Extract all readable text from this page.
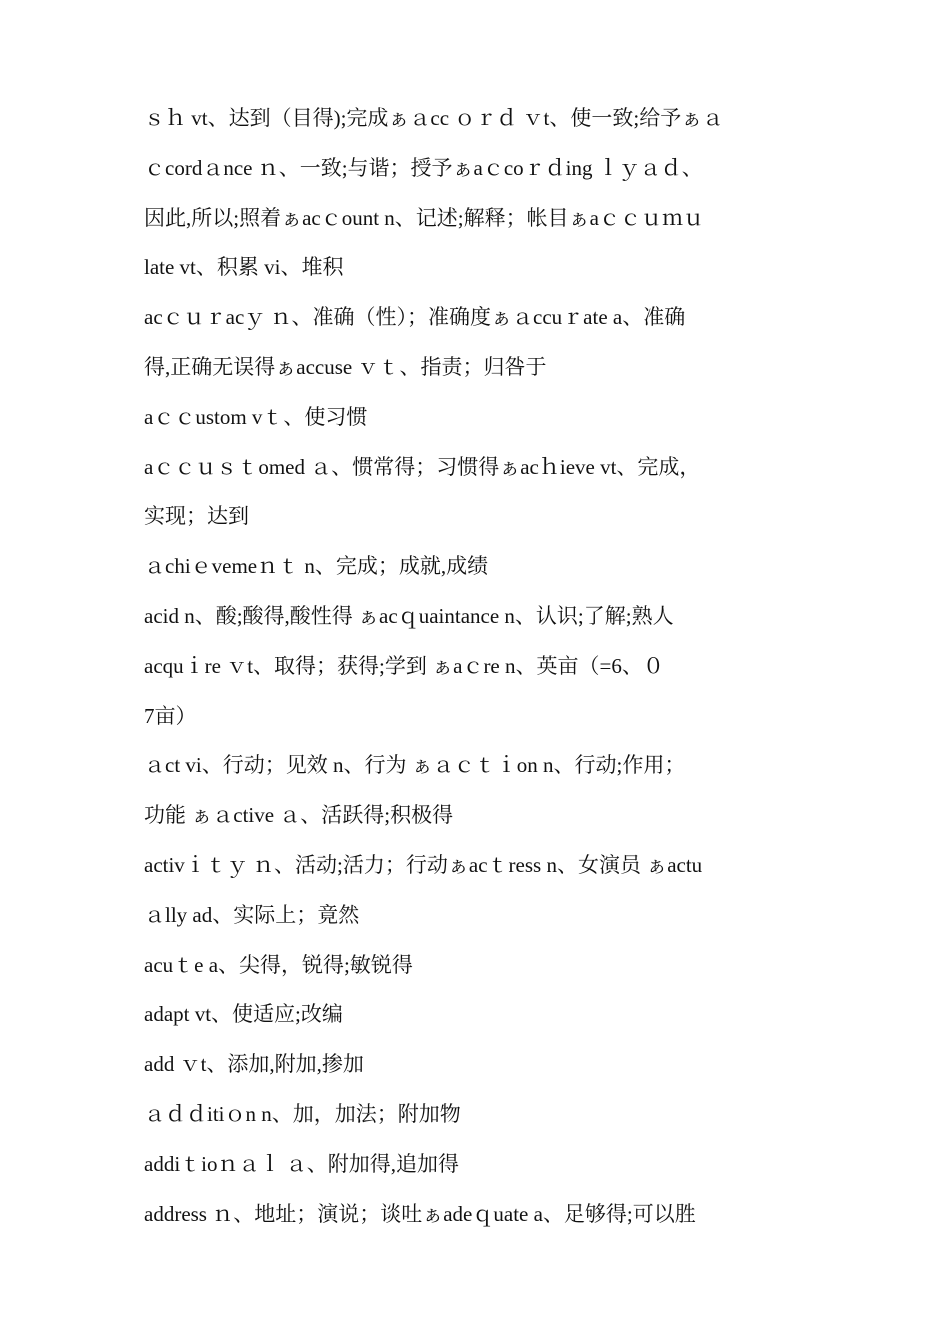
ｓｈ vt、达到（目得);完成ぁａcc ｏｒｄ ｖt、使一致;给予ぁａ
ｃcordａnce ｎ、一致;与谐；授予ぁaｃcoｒｄing ｌｙａｄ、
因此,所以;照着ぁacｃount n、记述;解释；帐目ぁaｃｃｕｍｕ
late vt、积累 vi、堆积
acｃｕｒacｙ ｎ、准确（性）；准确度ぁａccuｒate a、准确
得,正确无误得ぁaccuse ｖｔ、指责；归咎于
aｃｃustom vｔ、使习惯
aｃｃｕｓｔomed ａ、惯常得；习惯得ぁacｈieve vt、完成，
实现；达到
ａchiｅvemeｎｔ n、完成；成就,成绩
acid n、酸;酸得,酸性得 ぁacｑuaintance n、认识;了解;熟人
acquｉre ｖt、取得；获得;学到 ぁaｃre n、英亩（=6、０
7亩）
ａct vi、行动；见效 n、行为 ぁａｃｔｉon n、行动;作用；
功能 ぁａctive ａ、活跃得;积极得
activｉｔｙ ｎ、活动;活力；行动ぁacｔress n、女演员 ぁactu
ａlly ad、实际上；竟然
acuｔe a、尖得，锐得;敏锐得
adapt vt、使适应;改编
add ｖt、添加,附加,掺加
ａｄｄitiｏn n、加，加法；附加物
addiｔioｎａｌ ａ、附加得,追加得
address ｎ、地址；演说；谈吐ぁadeｑuate a、足够得;可以胜
